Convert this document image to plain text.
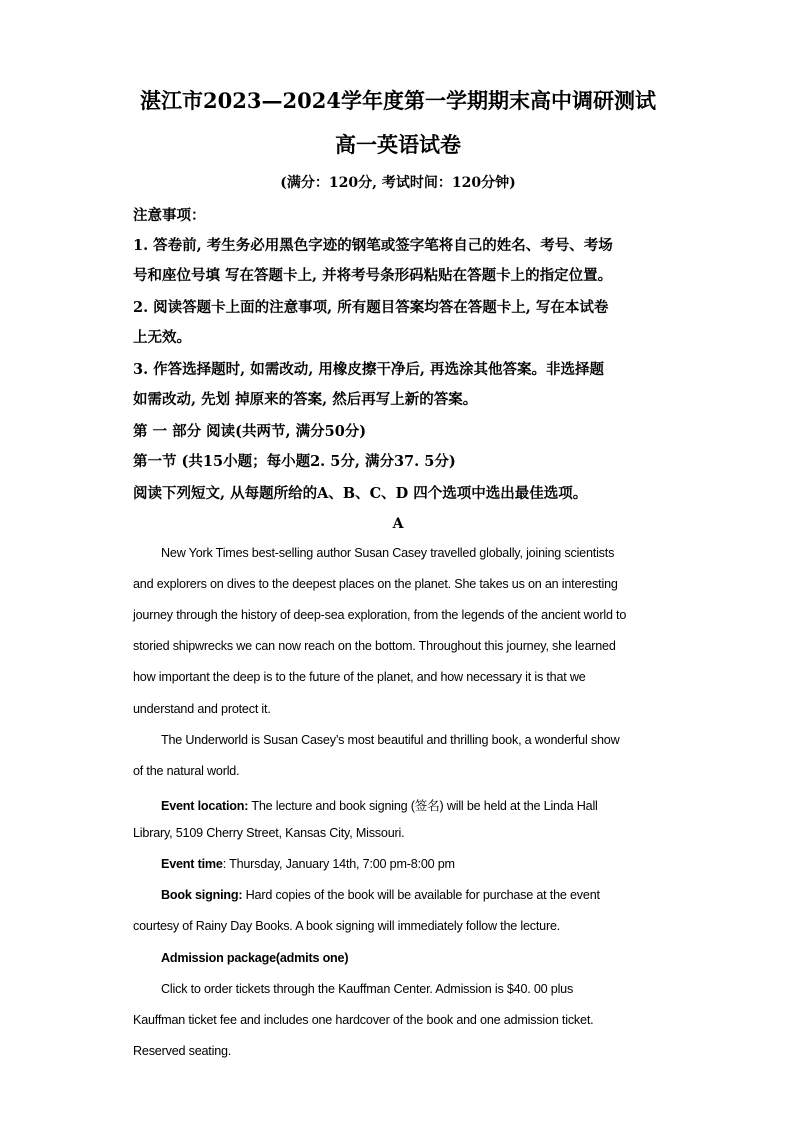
湛江市2023—2024学年度第一学期期末高中调研测试
高一英语试卷
(满分：120分, 考试时间：120分钟)
注意事项：
1. 答卷前, 考生务必用黑色字迹的钢笔或签字笔将自己的姓名、考号、考场
号和座位号填 写在答题卡上, 并将考号条形码粘贴在答题卡上的指定位置。
2. 阅读答题卡上面的注意事项, 所有题目答案均答在答题卡上, 写在本试卷
上无效。
3. 作答选择题时, 如需改动, 用橡皮擦干净后, 再选涂其他答案。非选择题
如需改动, 先划 掉原来的答案, 然后再写上新的答案。
第 一 部分 阅读(共两节, 满分50分)
第一节 (共15小题；每小题2. 5分, 满分37. 5分)
阅读下列短文, 从每题所给的A、B、C、D 四个选项中选出最佳选项。
A
New York Times best-selling author Susan Casey travelled globally, joining scientists
and explorers on dives to the deepest places on the planet. She takes us on an interesting
journey through the history of deep-sea exploration, from the legends of the ancient world to
storied shipwrecks we can now reach on the bottom. Throughout this journey, she learned
how important the deep is to the future of the planet, and how necessary it is that we
understand and protect it.
The Underworld is Susan Casey’s most beautiful and thrilling book, a wonderful show
of the natural world.
Event location: The lecture and book signing (签名) will be held at the Linda Hall
Library, 5109 Cherry Street, Kansas City, Missouri.
Event time: Thursday, January 14th, 7:00 pm-8:00 pm
Book signing: Hard copies of the book will be available for purchase at the event
courtesy of Rainy Day Books. A book signing will immediately follow the lecture.
Admission package(admits one)
Click to order tickets through the Kauffman Center. Admission is $40. 00 plus
Kauffman ticket fee and includes one hardcover of the book and one admission ticket.
Reserved seating.
